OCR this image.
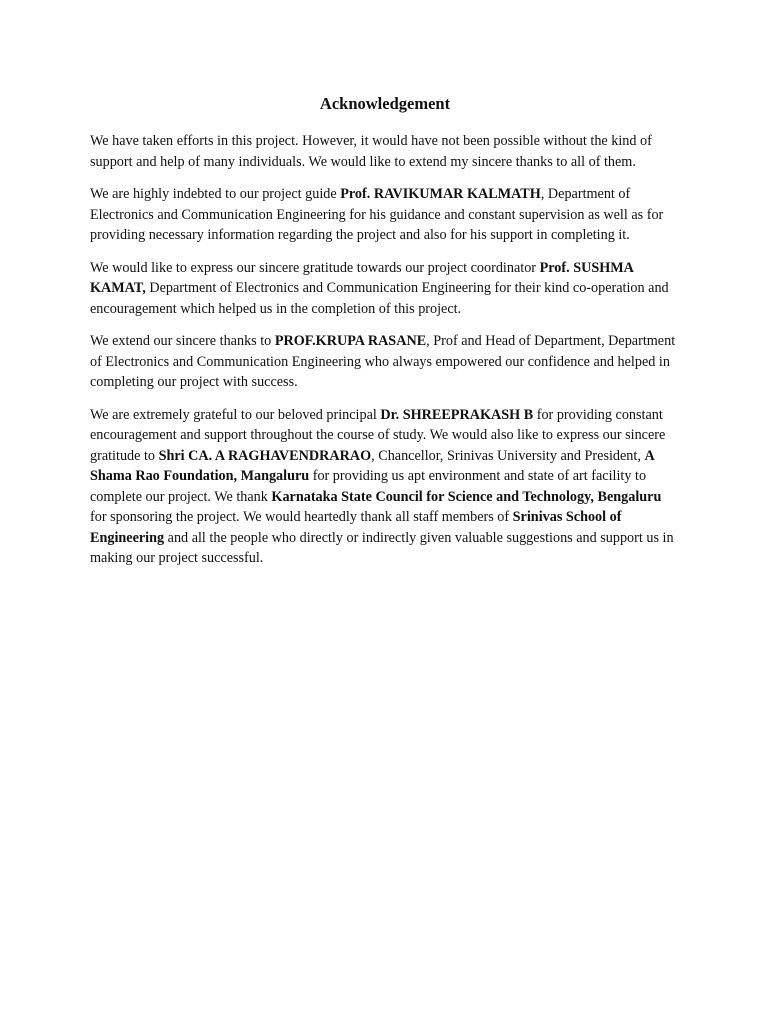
Acknowledgement

We have taken efforts in this project. However, it would have not been possible without the kind of support and help of many individuals. We would like to extend my sincere thanks to all of them.

We are highly indebted to our project guide Prof. RAVIKUMAR KALMATH, Department of Electronics and Communication Engineering for his guidance and constant supervision as well as for providing necessary information regarding the project and also for his support in completing it.

We would like to express our sincere gratitude towards our project coordinator Prof. SUSHMA KAMAT, Department of Electronics and Communication Engineering for their kind co-operation and encouragement which helped us in the completion of this project.

We extend our sincere thanks to PROF.KRUPA RASANE, Prof and Head of Department, Department of Electronics and Communication Engineering who always empowered our confidence and helped in completing our project with success.

We are extremely grateful to our beloved principal Dr. SHREEPRAKASH B for providing constant encouragement and support throughout the course of study. We would also like to express our sincere gratitude to Shri CA. A RAGHAVENDRARAO, Chancellor, Srinivas University and President, A Shama Rao Foundation, Mangaluru for providing us apt environment and state of art facility to complete our project. We thank Karnataka State Council for Science and Technology, Bengaluru for sponsoring the project. We would heartedly thank all staff members of Srinivas School of Engineering and all the people who directly or indirectly given valuable suggestions and support us in making our project successful.
